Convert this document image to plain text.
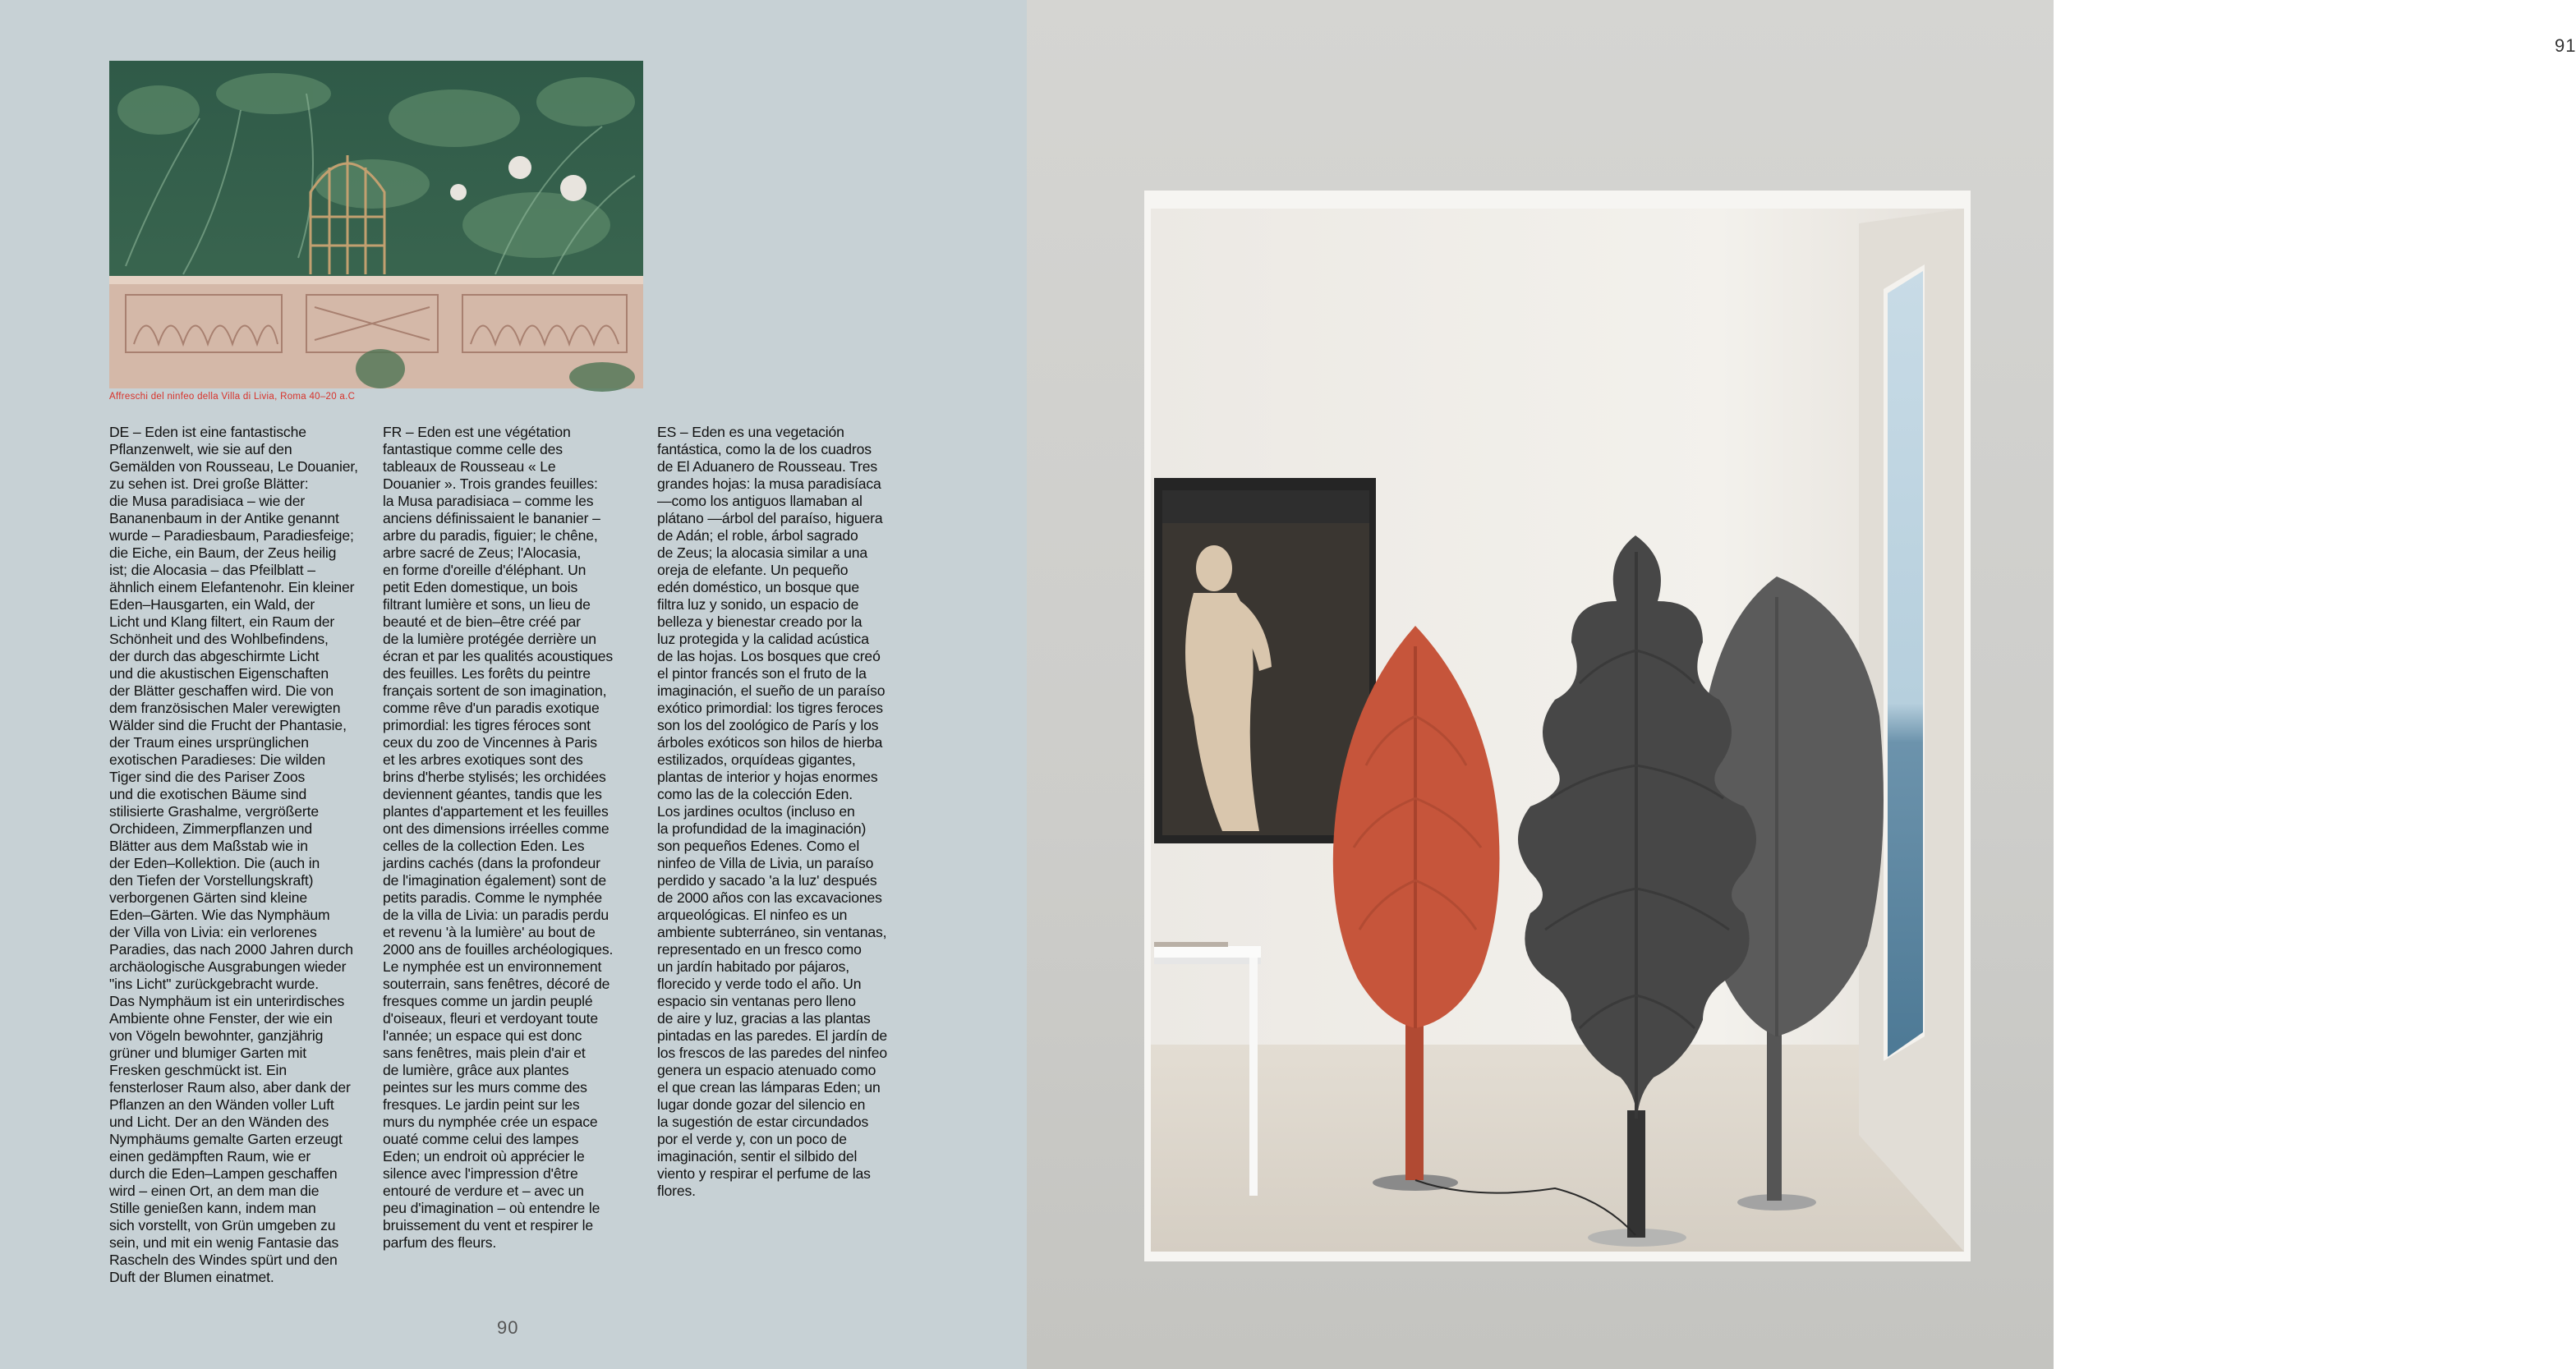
Affreschi del ninfeo della Villa di Livia, Roma 40–20 a.C
DE – Eden ist eine fantastische
Pflanzenwelt, wie sie auf den
Gemälden von Rousseau, Le Douanier,
zu sehen ist. Drei große Blätter:
die Musa paradisiaca – wie der
Bananenbaum in der Antike genannt
wurde – Paradiesbaum, Paradiesfeige;
die Eiche, ein Baum, der Zeus heilig
ist; die Alocasia – das Pfeilblatt –
ähnlich einem Elefantenohr. Ein kleiner
Eden–Hausgarten, ein Wald, der
Licht und Klang filtert, ein Raum der
Schönheit und des Wohlbefindens,
der durch das abgeschirmte Licht
und die akustischen Eigenschaften
der Blätter geschaffen wird. Die von
dem französischen Maler verewigten
Wälder sind die Frucht der Phantasie,
der Traum eines ursprünglichen
exotischen Paradieses: Die wilden
Tiger sind die des Pariser Zoos
und die exotischen Bäume sind
stilisierte Grashalme, vergrößerte
Orchideen, Zimmerpflanzen und
Blätter aus dem Maßstab wie in
der Eden–Kollektion. Die (auch in
den Tiefen der Vorstellungskraft)
verborgenen Gärten sind kleine
Eden–Gärten. Wie das Nymphäum
der Villa von Livia: ein verlorenes
Paradies, das nach 2000 Jahren durch
archäologische Ausgrabungen wieder
"ins Licht" zurückgebracht wurde.
Das Nymphäum ist ein unterirdisches
Ambiente ohne Fenster, der wie ein
von Vögeln bewohnter, ganzjährig
grüner und blumiger Garten mit
Fresken geschmückt ist. Ein
fensterloser Raum also, aber dank der
Pflanzen an den Wänden voller Luft
und Licht. Der an den Wänden des
Nymphäums gemalte Garten erzeugt
einen gedämpften Raum, wie er
durch die Eden–Lampen geschaffen
wird – einen Ort, an dem man die
Stille genießen kann, indem man
sich vorstellt, von Grün umgeben zu
sein, und mit ein wenig Fantasie das
Rascheln des Windes spürt und den
Duft der Blumen einatmet.
FR – Eden est une végétation
fantastique comme celle des
tableaux de Rousseau « Le
Douanier ». Trois grandes feuilles:
la Musa paradisiaca – comme les
anciens définissaient le bananier –
arbre du paradis, figuier; le chêne,
arbre sacré de Zeus; l'Alocasia,
en forme d'oreille d'éléphant. Un
petit Eden domestique, un bois
filtrant lumière et sons, un lieu de
beauté et de bien–être créé par
de la lumière protégée derrière un
écran et par les qualités acoustiques
des feuilles. Les forêts du peintre
français sortent de son imagination,
comme rêve d'un paradis exotique
primordial: les tigres féroces sont
ceux du zoo de Vincennes à Paris
et les arbres exotiques sont des
brins d'herbe stylisés; les orchidées
deviennent géantes, tandis que les
plantes d'appartement et les feuilles
ont des dimensions irréelles comme
celles de la collection Eden. Les
jardins cachés (dans la profondeur
de l'imagination également) sont de
petits paradis. Comme le nymphée
de la villa de Livia: un paradis perdu
et revenu 'à la lumière' au bout de
2000 ans de fouilles archéologiques.
Le nymphée est un environnement
souterrain, sans fenêtres, décoré de
fresques comme un jardin peuplé
d'oiseaux, fleuri et verdoyant toute
l'année; un espace qui est donc
sans fenêtres, mais plein d'air et
de lumière, grâce aux plantes
peintes sur les murs comme des
fresques. Le jardin peint sur les
murs du nymphée crée un espace
ouaté comme celui des lampes
Eden; un endroit où apprécier le
silence avec l'impression d'être
entouré de verdure et – avec un
peu d'imagination – où entendre le
bruissement du vent et respirer le
parfum des fleurs.
ES – Eden es una vegetación
fantástica, como la de los cuadros
de El Aduanero de Rousseau. Tres
grandes hojas: la musa paradisíaca
—como los antiguos llamaban al
plátano —árbol del paraíso, higuera
de Adán; el roble, árbol sagrado
de Zeus; la alocasia similar a una
oreja de elefante. Un pequeño
edén doméstico, un bosque que
filtra luz y sonido, un espacio de
belleza y bienestar creado por la
luz protegida y la calidad acústica
de las hojas. Los bosques que creó
el pintor francés son el fruto de la
imaginación, el sueño de un paraíso
exótico primordial: los tigres feroces
son los del zoológico de París y los
árboles exóticos son hilos de hierba
estilizados, orquídeas gigantes,
plantas de interior y hojas enormes
como las de la colección Eden.
Los jardines ocultos (incluso en
la profundidad de la imaginación)
son pequeños Edenes. Como el
ninfeo de Villa de Livia, un paraíso
perdido y sacado 'a la luz' después
de 2000 años con las excavaciones
arqueológicas. El ninfeo es un
ambiente subterráneo, sin ventanas,
representado en un fresco como
un jardín habitado por pájaros,
florecido y verde todo el año. Un
espacio sin ventanas pero lleno
de aire y luz, gracias a las plantas
pintadas en las paredes. El jardín de
los frescos de las paredes del ninfeo
genera un espacio atenuado como
el que crean las lámparas Eden; un
lugar donde gozar del silencio en
la sugestión de estar circundados
por el verde y, con un poco de
imaginación, sentir el silbido del
viento y respirar el perfume de las
flores.
90
91
